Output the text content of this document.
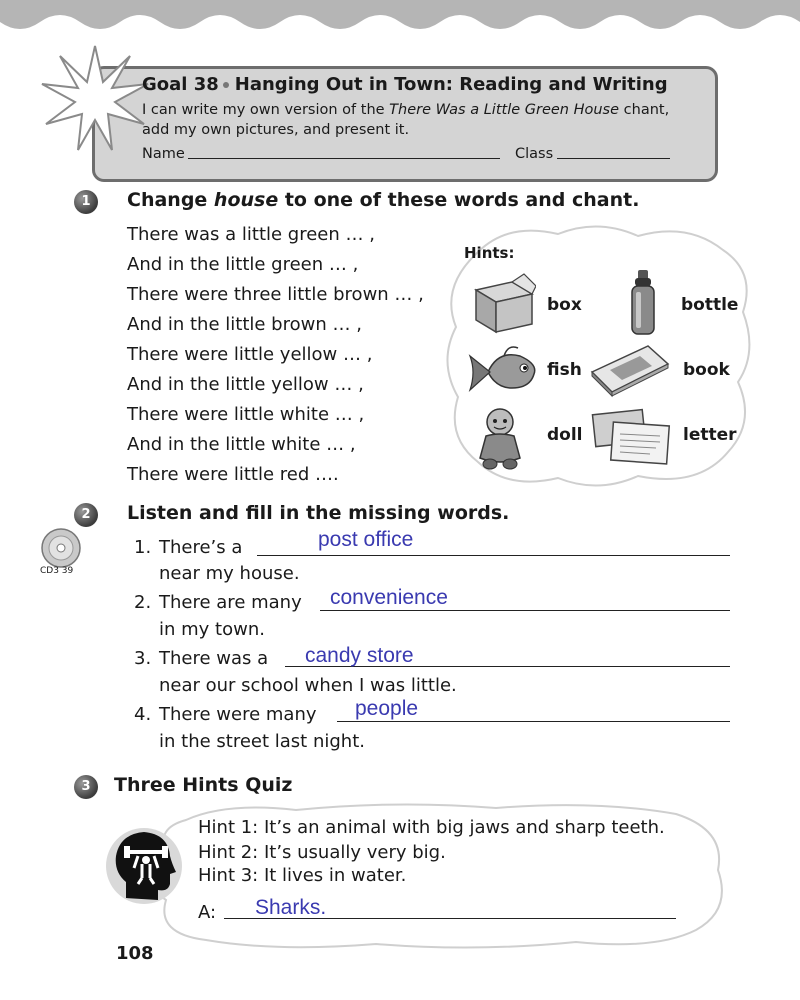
Goal 38 Hanging Out in Town: Reading and Writing
I can write my own version of the There Was a Little Green House chant,
add my own pictures, and present it.
Name	Class
1	Change house to one of these words and chant.
There was a little green … ,
And in the little green … ,
There were three little brown … ,
And in the little brown … ,
There were little yellow … ,
And in the little yellow … ,
There were little white … ,
And in the little white … ,
There were little red ….
Hints:
box	bottle
fish	book
doll	letter
2	Listen and fill in the missing words.
CD3 39
1. There’s a	post office
near my house.
2. There are many convenience
in my town.
3. There was a candy store
near our school when I was little.
4. There were many people
in the street last night.
3	Three Hints Quiz
Hint 1: It’s an animal with big jaws and sharp teeth.
Hint 2: It’s usually very big.
Hint 3: It lives in water.
A: Sharks.
108
